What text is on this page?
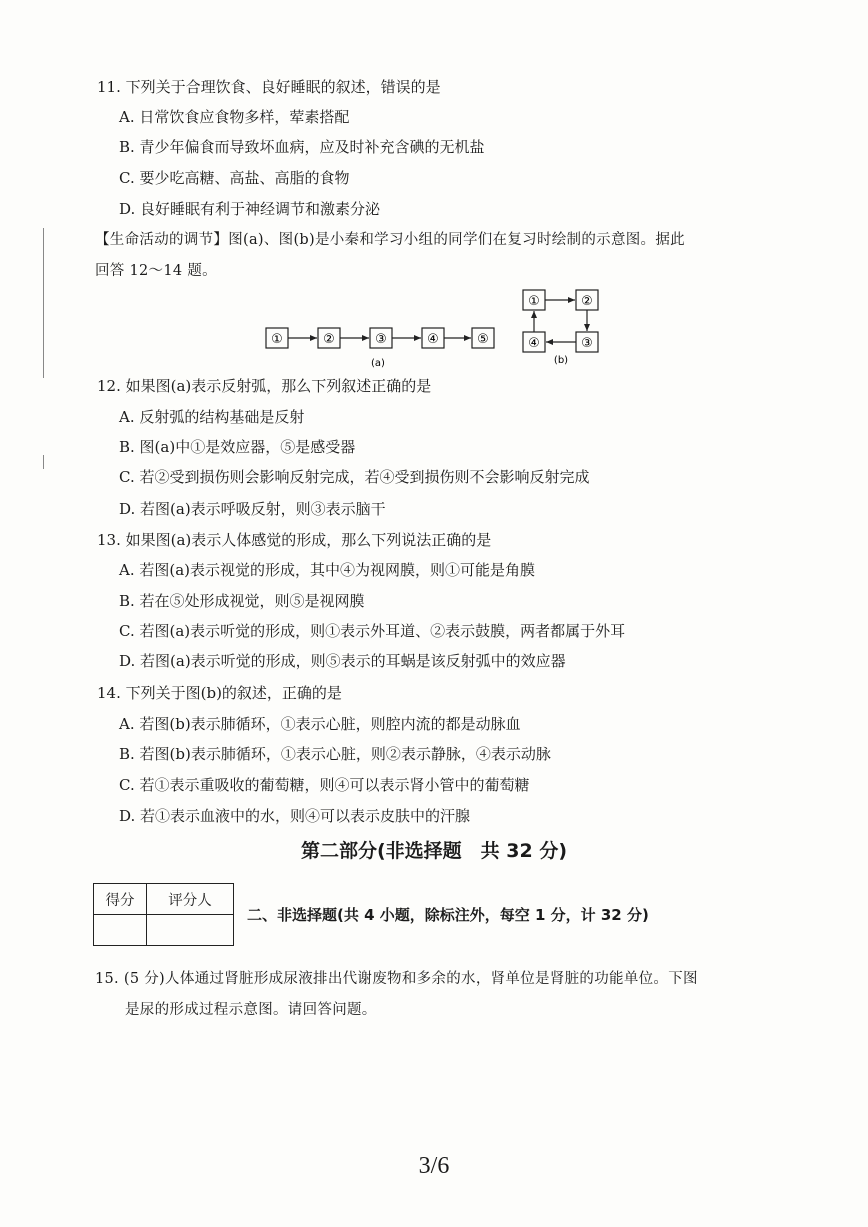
11. 下列关于合理饮食、良好睡眠的叙述，错误的是
A. 日常饮食应食物多样，荤素搭配
B. 青少年偏食而导致坏血病，应及时补充含碘的无机盐
C. 要少吃高糖、高盐、高脂的食物
D. 良好睡眠有利于神经调节和激素分泌
【生命活动的调节】图(a)、图(b)是小秦和学习小组的同学们在复习时绘制的示意图。据此
回答 12～14 题。
①	②	③	④	⑤
(a)
①	②
③
④
(b)
12. 如果图(a)表示反射弧，那么下列叙述正确的是
A. 反射弧的结构基础是反射
B. 图(a)中①是效应器，⑤是感受器
C. 若②受到损伤则会影响反射完成，若④受到损伤则不会影响反射完成
D. 若图(a)表示呼吸反射，则③表示脑干
13. 如果图(a)表示人体感觉的形成，那么下列说法正确的是
A. 若图(a)表示视觉的形成，其中④为视网膜，则①可能是角膜
B. 若在⑤处形成视觉，则⑤是视网膜
C. 若图(a)表示听觉的形成，则①表示外耳道、②表示鼓膜，两者都属于外耳
D. 若图(a)表示听觉的形成，则⑤表示的耳蜗是该反射弧中的效应器
14. 下列关于图(b)的叙述，正确的是
A. 若图(b)表示肺循环，①表示心脏，则腔内流的都是动脉血
B. 若图(b)表示肺循环，①表示心脏，则②表示静脉，④表示动脉
C. 若①表示重吸收的葡萄糖，则④可以表示肾小管中的葡萄糖
D. 若①表示血液中的水，则④可以表示皮肤中的汗腺
第二部分(非选择题　共 32 分)
得分	评分人

二、非选择题(共 4 小题，除标注外，每空 1 分，计 32 分)
15. (5 分)人体通过肾脏形成尿液排出代谢废物和多余的水，肾单位是肾脏的功能单位。下图
是尿的形成过程示意图。请回答问题。
3/6
